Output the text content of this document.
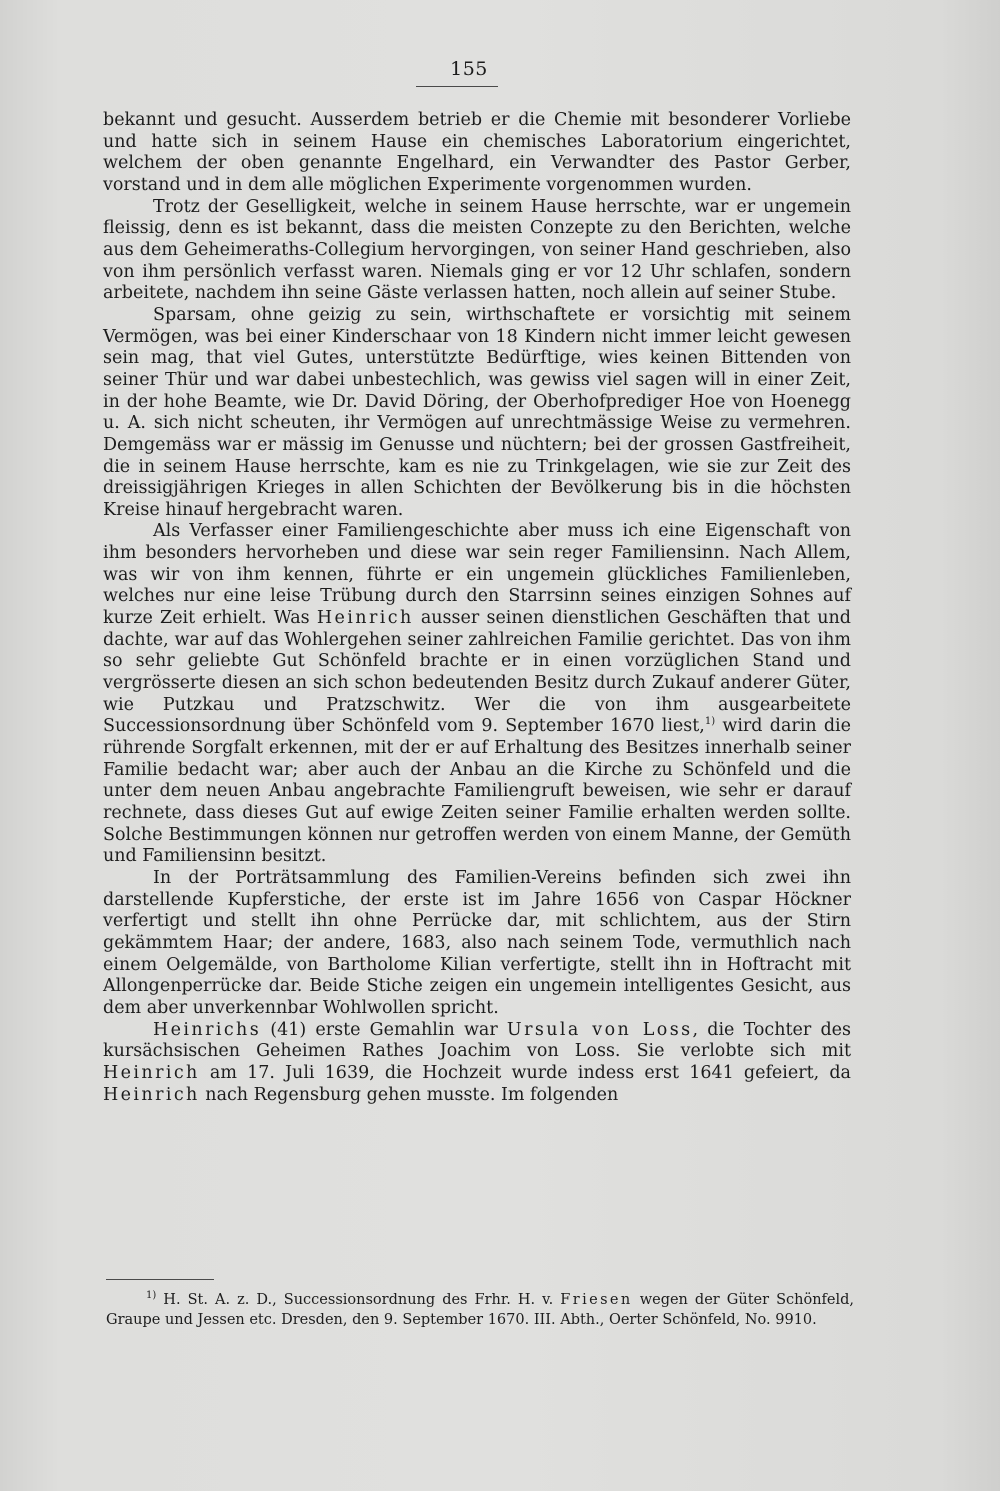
155

bekannt und gesucht. Ausserdem betrieb er die Chemie mit besonderer Vorliebe und hatte sich in seinem Hause ein chemisches Laboratorium eingerichtet, welchem der oben genannte Engelhard, ein Verwandter des Pastor Gerber, vorstand und in dem alle möglichen Experimente vorgenommen wurden.

Trotz der Geselligkeit, welche in seinem Hause herrschte, war er ungemein fleissig, denn es ist bekannt, dass die meisten Conzepte zu den Berichten, welche aus dem Geheimeraths-Collegium hervorgingen, von seiner Hand geschrieben, also von ihm persönlich verfasst waren. Niemals ging er vor 12 Uhr schlafen, sondern arbeitete, nachdem ihn seine Gäste verlassen hatten, noch allein auf seiner Stube.

Sparsam, ohne geizig zu sein, wirthschaftete er vorsichtig mit seinem Vermögen, was bei einer Kinderschaar von 18 Kindern nicht immer leicht gewesen sein mag, that viel Gutes, unterstützte Bedürftige, wies keinen Bittenden von seiner Thür und war dabei unbestechlich, was gewiss viel sagen will in einer Zeit, in der hohe Beamte, wie Dr. David Döring, der Oberhofprediger Hoe von Hoenegg u. A. sich nicht scheuten, ihr Vermögen auf unrechtmässige Weise zu vermehren. Demgemäss war er mässig im Genusse und nüchtern; bei der grossen Gastfreiheit, die in seinem Hause herrschte, kam es nie zu Trinkgelagen, wie sie zur Zeit des dreissigjährigen Krieges in allen Schichten der Bevölkerung bis in die höchsten Kreise hinauf hergebracht waren.

Als Verfasser einer Familiengeschichte aber muss ich eine Eigenschaft von ihm besonders hervorheben und diese war sein reger Familiensinn. Nach Allem, was wir von ihm kennen, führte er ein ungemein glückliches Familienleben, welches nur eine leise Trübung durch den Starrsinn seines einzigen Sohnes auf kurze Zeit erhielt. Was Heinrich ausser seinen dienstlichen Geschäften that und dachte, war auf das Wohlergehen seiner zahlreichen Familie gerichtet. Das von ihm so sehr geliebte Gut Schönfeld brachte er in einen vorzüglichen Stand und vergrösserte diesen an sich schon bedeutenden Besitz durch Zukauf anderer Güter, wie Putzkau und Pratzschwitz. Wer die von ihm ausgearbeitete Successionsordnung über Schönfeld vom 9. September 1670 liest,$^{1)}$ wird darin die rührende Sorgfalt erkennen, mit der er auf Erhaltung des Besitzes innerhalb seiner Familie bedacht war; aber auch der Anbau an die Kirche zu Schönfeld und die unter dem neuen Anbau angebrachte Familiengruft beweisen, wie sehr er darauf rechnete, dass dieses Gut auf ewige Zeiten seiner Familie erhalten werden sollte. Solche Bestimmungen können nur getroffen werden von einem Manne, der Gemüth und Familiensinn besitzt.

In der Porträtsammlung des Familien-Vereins befinden sich zwei ihn darstellende Kupferstiche, der erste ist im Jahre 1656 von Caspar Höckner verfertigt und stellt ihn ohne Perrücke dar, mit schlichtem, aus der Stirn gekämmtem Haar; der andere, 1683, also nach seinem Tode, vermuthlich nach einem Oelgemälde, von Bartholome Kilian verfertigte, stellt ihn in Hoftracht mit Allongenperrücke dar. Beide Stiche zeigen ein ungemein intelligentes Gesicht, aus dem aber unverkennbar Wohlwollen spricht.

Heinrichs (41) erste Gemahlin war Ursula von Loss, die Tochter des kursächsischen Geheimen Rathes Joachim von Loss. Sie verlobte sich mit Heinrich am 17. Juli 1639, die Hochzeit wurde indess erst 1641 gefeiert, da Heinrich nach Regensburg gehen musste. Im folgenden

$^{1)}$ H. St. A. z. D., Successionsordnung des Frhr. H. v. Friesen wegen der Güter Schönfeld, Graupe und Jessen etc. Dresden, den 9. September 1670. III. Abth., Oerter Schönfeld, No. 9910.
